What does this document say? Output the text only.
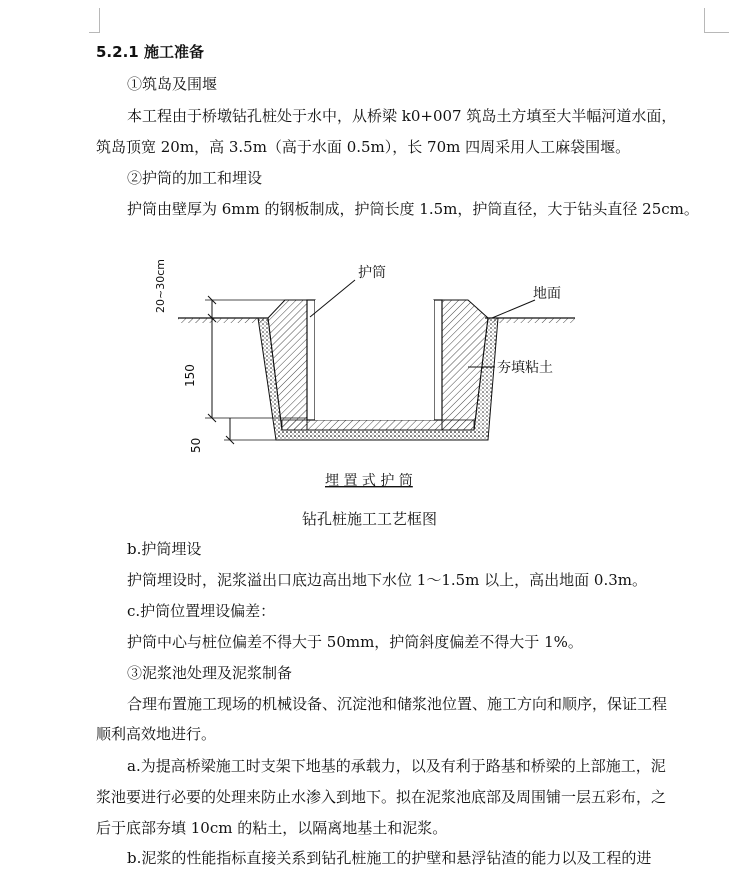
5.2.1 施工准备
①筑岛及围堰
本工程由于桥墩钻孔桩处于水中，从桥梁 k0+007 筑岛土方填至大半幅河道水面，
筑岛顶宽 20m，高 3.5m（高于水面 0.5m），长 70m 四周采用人工麻袋围堰。
②护筒的加工和埋设
护筒由壁厚为 6mm 的钢板制成，护筒长度 1.5m，护筒直径，大于钻头直径 25cm。
护筒
地面
夯填粘土
20~30cm
150
50
埋 置 式 护 筒
钻孔桩施工工艺框图
b.护筒埋设
护筒埋设时，泥浆溢出口底边高出地下水位 1～1.5m 以上，高出地面 0.3m。
c.护筒位置埋设偏差：
护筒中心与桩位偏差不得大于 50mm，护筒斜度偏差不得大于 1%。
③泥浆池处理及泥浆制备
合理布置施工现场的机械设备、沉淀池和储浆池位置、施工方向和顺序，保证工程
顺利高效地进行。
a.为提高桥梁施工时支架下地基的承载力，以及有利于路基和桥梁的上部施工，泥
浆池要进行必要的处理来防止水渗入到地下。拟在泥浆池底部及周围铺一层五彩布，之
后于底部夯填 10cm 的粘土，以隔离地基土和泥浆。
b.泥浆的性能指标直接关系到钻孔桩施工的护壁和悬浮钻渣的能力以及工程的进
